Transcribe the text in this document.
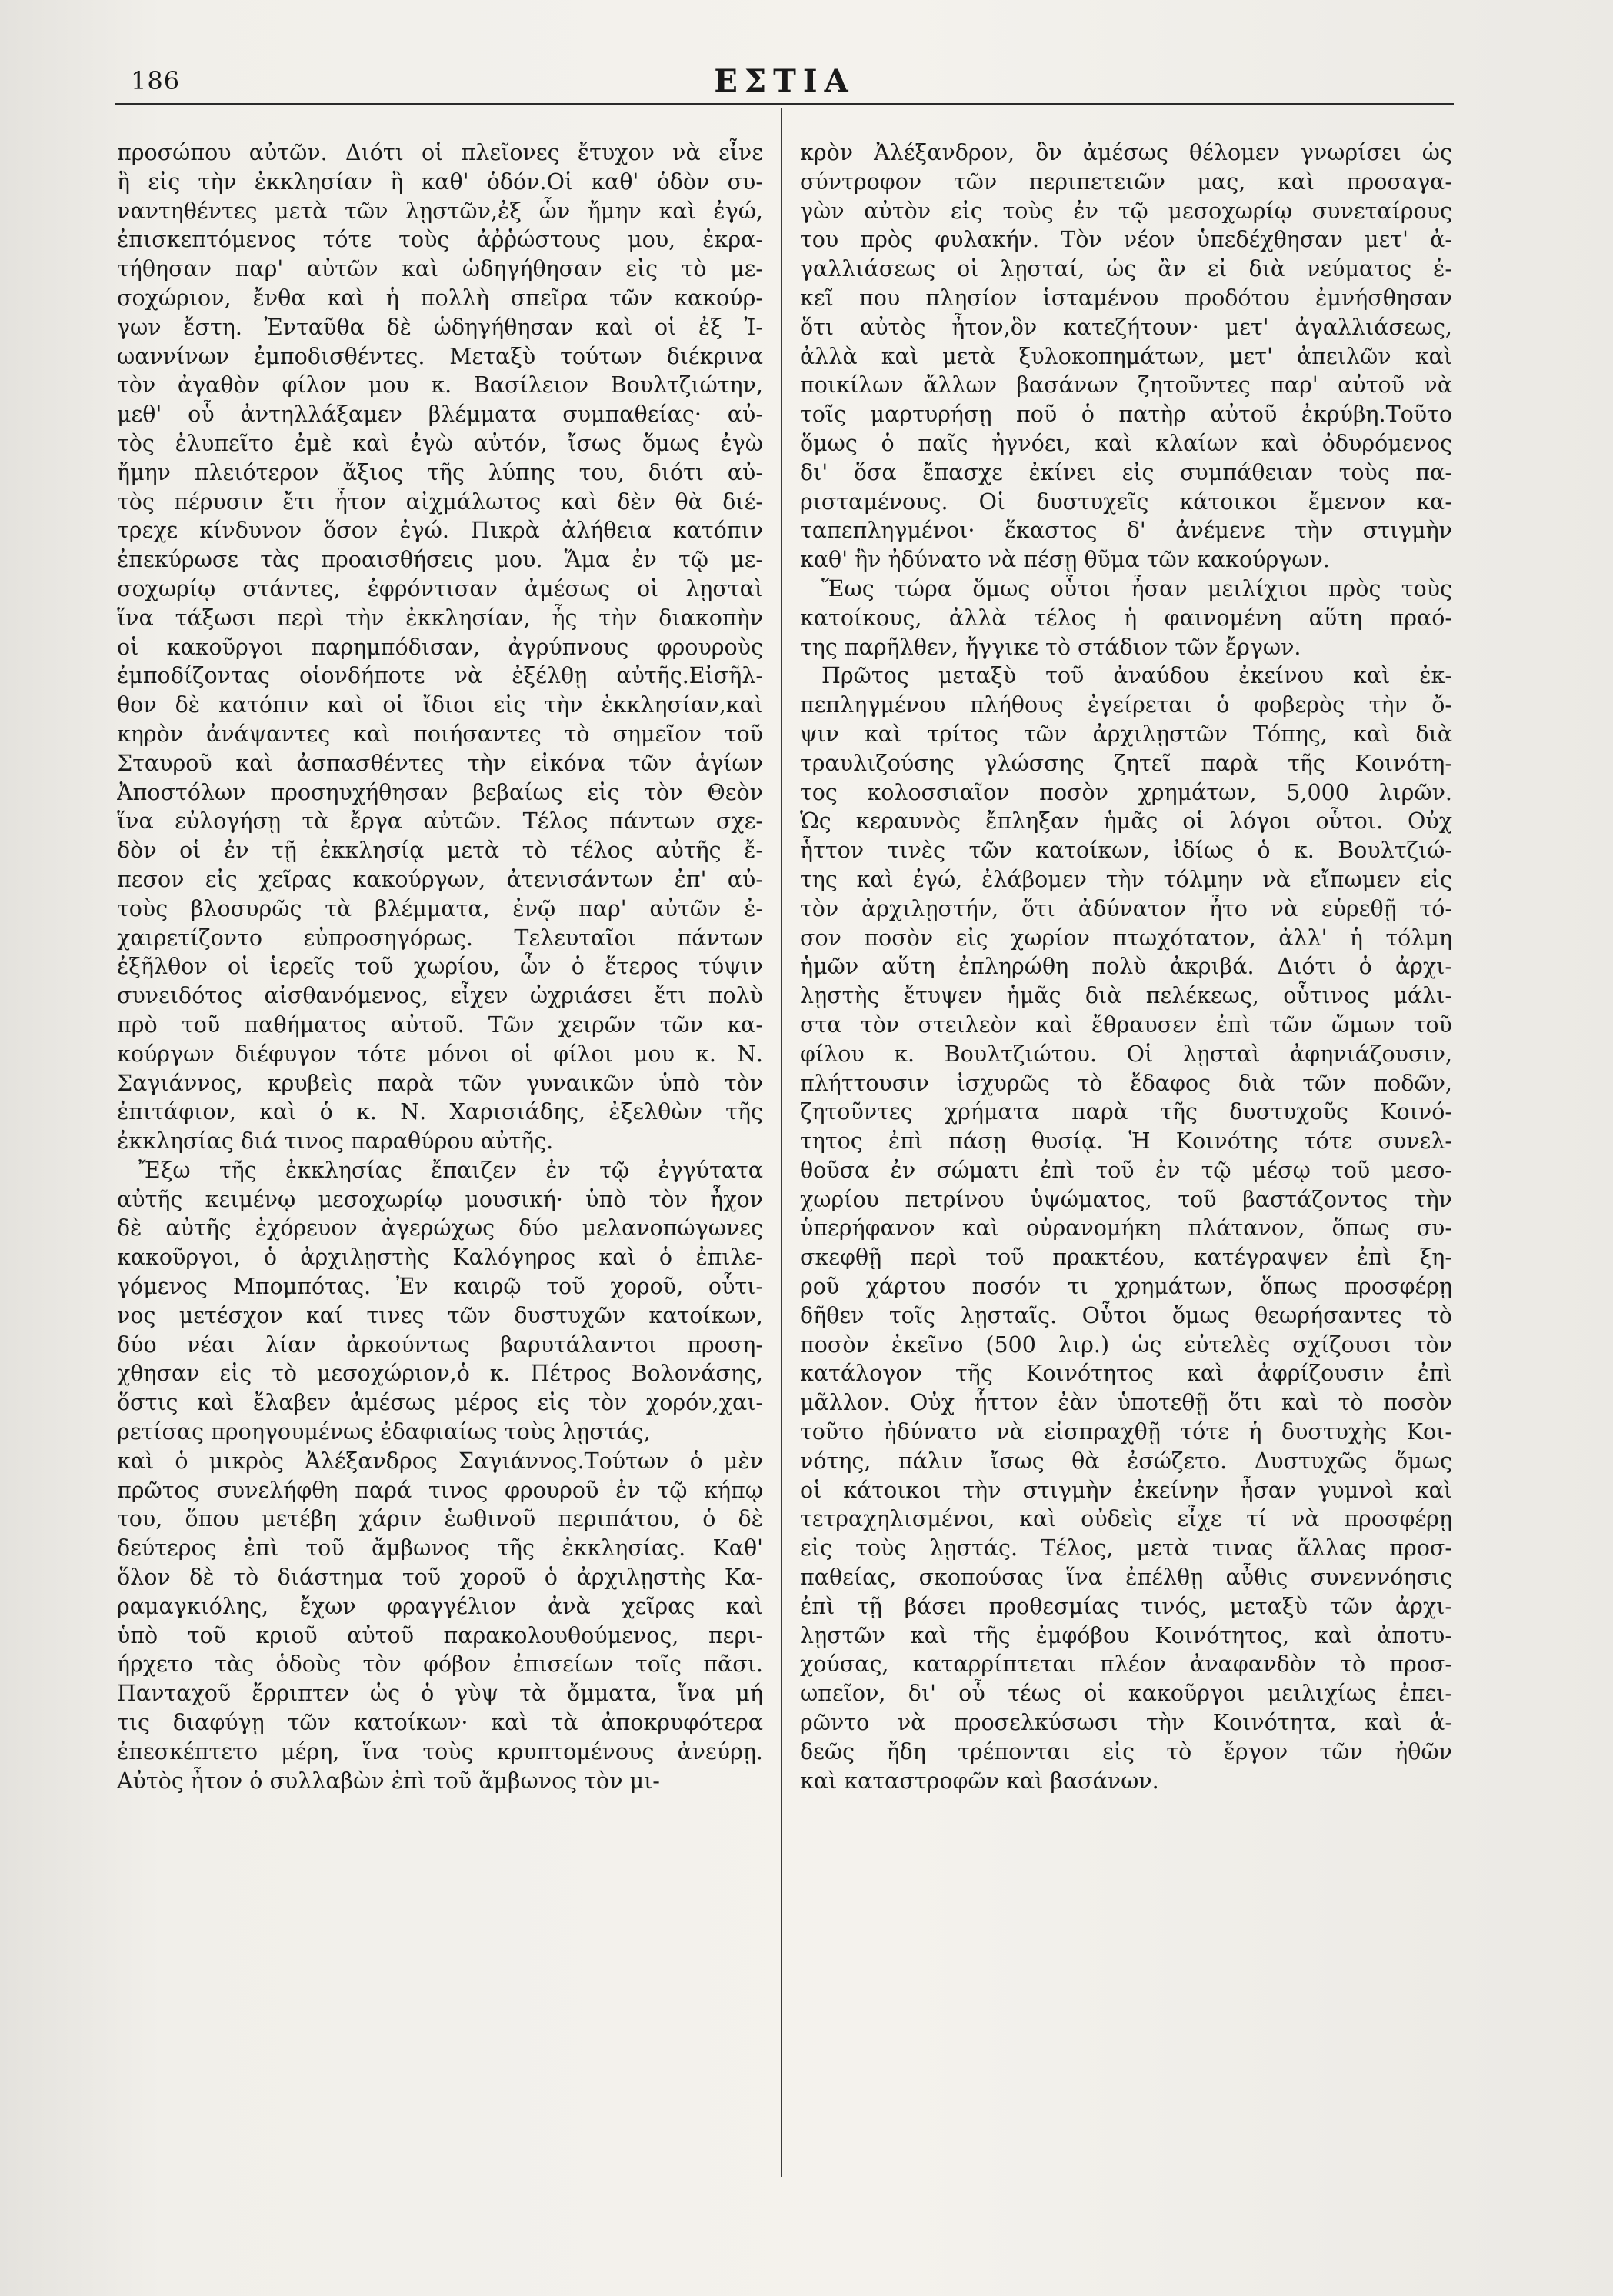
186	ΕΣΤΙΑ
προσώπου αὐτῶν. Διότι οἱ πλεῖονες ἔτυχον νὰ εἶνε
ἢ εἰς τὴν ἐκκλησίαν ἢ καθ' ὁδόν.Οἱ καθ' ὁδὸν συ-
ναντηθέντες μετὰ τῶν λῃστῶν,ἐξ ὧν ἤμην καὶ ἐγώ,
ἐπισκεπτόμενος τότε τοὺς ἀῤῥώστους μου, ἐκρα-
τήθησαν παρ' αὐτῶν καὶ ὡδηγήθησαν εἰς τὸ με-
σοχώριον, ἔνθα καὶ ἡ πολλὴ σπεῖρα τῶν κακούρ-
γων ἔστη. Ἐνταῦθα δὲ ὡδηγήθησαν καὶ οἱ ἐξ Ἰ-
ωαννίνων ἐμποδισθέντες. Μεταξὺ τούτων διέκρινα
τὸν ἀγαθὸν φίλον μου κ. Βασίλειον Βουλτζιώτην,
μεθ' οὗ ἀντηλλάξαμεν βλέμματα συμπαθείας· αὐ-
τὸς ἐλυπεῖτο ἐμὲ καὶ ἐγὼ αὐτόν, ἴσως ὅμως ἐγὼ
ἤμην πλειότερον ἄξιος τῆς λύπης του, διότι αὐ-
τὸς πέρυσιν ἔτι ἦτον αἰχμάλωτος καὶ δὲν θὰ διέ-
τρεχε κίνδυνον ὅσον ἐγώ. Πικρὰ ἀλήθεια κατόπιν
ἐπεκύρωσε τὰς προαισθήσεις μου. Ἅμα ἐν τῷ με-
σοχωρίῳ στάντες, ἐφρόντισαν ἀμέσως οἱ λῃσταὶ
ἵνα τάξωσι περὶ τὴν ἐκκλησίαν, ἧς τὴν διακοπὴν
οἱ κακοῦργοι παρημπόδισαν, ἀγρύπνους φρουροὺς
ἐμποδίζοντας οἱονδήποτε νὰ ἐξέλθῃ αὐτῆς.Εἰσῆλ-
θον δὲ κατόπιν καὶ οἱ ἴδιοι εἰς τὴν ἐκκλησίαν,καὶ
κηρὸν ἀνάψαντες καὶ ποιήσαντες τὸ σημεῖον τοῦ
Σταυροῦ καὶ ἀσπασθέντες τὴν εἰκόνα τῶν ἁγίων
Ἀποστόλων προσηυχήθησαν βεβαίως εἰς τὸν Θεὸν
ἵνα εὐλογήσῃ τὰ ἔργα αὐτῶν. Τέλος πάντων σχε-
δὸν οἱ ἐν τῇ ἐκκλησίᾳ μετὰ τὸ τέλος αὐτῆς ἔ-
πεσον εἰς χεῖρας κακούργων, ἀτενισάντων ἐπ' αὐ-
τοὺς βλοσυρῶς τὰ βλέμματα, ἐνῷ παρ' αὐτῶν ἐ-
χαιρετίζοντο εὐπροσηγόρως. Τελευταῖοι πάντων
ἐξῆλθον οἱ ἱερεῖς τοῦ χωρίου, ὧν ὁ ἕτερος τύψιν
συνειδότος αἰσθανόμενος, εἶχεν ὠχριάσει ἔτι πολὺ
πρὸ τοῦ παθήματος αὐτοῦ. Τῶν χειρῶν τῶν κα-
κούργων διέφυγον τότε μόνοι οἱ φίλοι μου κ. Ν.
Σαγιάννος, κρυβεὶς παρὰ τῶν γυναικῶν ὑπὸ τὸν
ἐπιτάφιον, καὶ ὁ κ. Ν. Χαρισιάδης, ἐξελθὼν τῆς
ἐκκλησίας διά τινος παραθύρου αὐτῆς.
Ἔξω τῆς ἐκκλησίας ἔπαιζεν ἐν τῷ ἐγγύτατα
αὐτῆς κειμένῳ μεσοχωρίῳ μουσική· ὑπὸ τὸν ἦχον
δὲ αὐτῆς ἐχόρευον ἀγερώχως δύο μελανοπώγωνες
κακοῦργοι, ὁ ἀρχιλῃστὴς Καλόγηρος καὶ ὁ ἐπιλε-
γόμενος Μπομπότας. Ἐν καιρῷ τοῦ χοροῦ, οὗτι-
νος μετέσχον καί τινες τῶν δυστυχῶν κατοίκων,
δύο νέαι λίαν ἀρκούντως βαρυτάλαντοι προση-
χθησαν εἰς τὸ μεσοχώριον,ὁ κ. Πέτρος Βολονάσης,
ὅστις καὶ ἔλαβεν ἀμέσως μέρος εἰς τὸν χορόν,χαι-
ρετίσας προηγουμένως ἐδαφιαίως τοὺς λῃστάς,
καὶ ὁ μικρὸς Ἀλέξανδρος Σαγιάννος.Τούτων ὁ μὲν
πρῶτος συνελήφθη παρά τινος φρουροῦ ἐν τῷ κήπῳ
του, ὅπου μετέβη χάριν ἑωθινοῦ περιπάτου, ὁ δὲ
δεύτερος ἐπὶ τοῦ ἄμβωνος τῆς ἐκκλησίας. Καθ'
ὅλον δὲ τὸ διάστημα τοῦ χοροῦ ὁ ἀρχιλῃστὴς Κα-
ραμαγκιόλης, ἔχων φραγγέλιον ἀνὰ χεῖρας καὶ
ὑπὸ τοῦ κριοῦ αὐτοῦ παρακολουθούμενος, περι-
ήρχετο τὰς ὁδοὺς τὸν φόβον ἐπισείων τοῖς πᾶσι.
Πανταχοῦ ἔρριπτεν ὡς ὁ γὺψ τὰ ὄμματα, ἵνα μή
τις διαφύγῃ τῶν κατοίκων· καὶ τὰ ἀποκρυφότερα
ἐπεσκέπτετο μέρη, ἵνα τοὺς κρυπτομένους ἀνεύρῃ.
Αὐτὸς ἦτον ὁ συλλαβὼν ἐπὶ τοῦ ἄμβωνος τὸν μι-
κρὸν Ἀλέξανδρον, ὃν ἀμέσως θέλομεν γνωρίσει ὡς
σύντροφον τῶν περιπετειῶν μας, καὶ προσαγα-
γὼν αὐτὸν εἰς τοὺς ἐν τῷ μεσοχωρίῳ συνεταίρους
του πρὸς φυλακήν. Τὸν νέον ὑπεδέχθησαν μετ' ἀ-
γαλλιάσεως οἱ λῃσταί, ὡς ἂν εἰ διὰ νεύματος ἐ-
κεῖ που πλησίον ἱσταμένου προδότου ἐμνήσθησαν
ὅτι αὐτὸς ἦτον,ὃν κατεζήτουν· μετ' ἀγαλλιάσεως,
ἀλλὰ καὶ μετὰ ξυλοκοπημάτων, μετ' ἀπειλῶν καὶ
ποικίλων ἄλλων βασάνων ζητοῦντες παρ' αὐτοῦ νὰ
τοῖς μαρτυρήσῃ ποῦ ὁ πατὴρ αὐτοῦ ἐκρύβη.Τοῦτο
ὅμως ὁ παῖς ἠγνόει, καὶ κλαίων καὶ ὀδυρόμενος
δι' ὅσα ἔπασχε ἐκίνει εἰς συμπάθειαν τοὺς πα-
ρισταμένους. Οἱ δυστυχεῖς κάτοικοι ἔμενον κα-
ταπεπληγμένοι· ἕκαστος δ' ἀνέμενε τὴν στιγμὴν
καθ' ἣν ἠδύνατο νὰ πέσῃ θῦμα τῶν κακούργων.
Ἕως τώρα ὅμως οὗτοι ἦσαν μειλίχιοι πρὸς τοὺς
κατοίκους, ἀλλὰ τέλος ἡ φαινομένη αὕτη πραό-
της παρῆλθεν, ἤγγικε τὸ στάδιον τῶν ἔργων.
Πρῶτος μεταξὺ τοῦ ἀναύδου ἐκείνου καὶ ἐκ-
πεπληγμένου πλήθους ἐγείρεται ὁ φοβερὸς τὴν ὄ-
ψιν καὶ τρίτος τῶν ἀρχιλῃστῶν Τόπης, καὶ διὰ
τραυλιζούσης γλώσσης ζητεῖ παρὰ τῆς Κοινότη-
τος κολοσσιαῖον ποσὸν χρημάτων, 5,000 λιρῶν.
Ὡς κεραυνὸς ἔπληξαν ἡμᾶς οἱ λόγοι οὗτοι. Οὐχ
ἧττον τινὲς τῶν κατοίκων, ἰδίως ὁ κ. Βουλτζιώ-
της καὶ ἐγώ, ἐλάβομεν τὴν τόλμην νὰ εἴπωμεν εἰς
τὸν ἀρχιλῃστήν, ὅτι ἀδύνατον ἦτο νὰ εὑρεθῇ τό-
σον ποσὸν εἰς χωρίον πτωχότατον, ἀλλ' ἡ τόλμη
ἡμῶν αὕτη ἐπληρώθη πολὺ ἀκριβά. Διότι ὁ ἀρχι-
λῃστὴς ἔτυψεν ἡμᾶς διὰ πελέκεως, οὗτινος μάλι-
στα τὸν στειλεὸν καὶ ἔθραυσεν ἐπὶ τῶν ὤμων τοῦ
φίλου κ. Βουλτζιώτου. Οἱ λῃσταὶ ἀφηνιάζουσιν,
πλήττουσιν ἰσχυρῶς τὸ ἔδαφος διὰ τῶν ποδῶν,
ζητοῦντες χρήματα παρὰ τῆς δυστυχοῦς Κοινό-
τητος ἐπὶ πάσῃ θυσίᾳ. Ἡ Κοινότης τότε συνελ-
θοῦσα ἐν σώματι ἐπὶ τοῦ ἐν τῷ μέσῳ τοῦ μεσο-
χωρίου πετρίνου ὑψώματος, τοῦ βαστάζοντος τὴν
ὑπερήφανον καὶ οὐρανομήκη πλάτανον, ὅπως συ-
σκεφθῇ περὶ τοῦ πρακτέου, κατέγραψεν ἐπὶ ξη-
ροῦ χάρτου ποσόν τι χρημάτων, ὅπως προσφέρῃ
δῆθεν τοῖς λῃσταῖς. Οὗτοι ὅμως θεωρήσαντες τὸ
ποσὸν ἐκεῖνο (500 λιρ.) ὡς εὐτελὲς σχίζουσι τὸν
κατάλογον τῆς Κοινότητος καὶ ἀφρίζουσιν ἐπὶ
μᾶλλον. Οὐχ ἧττον ἐὰν ὑποτεθῇ ὅτι καὶ τὸ ποσὸν
τοῦτο ἠδύνατο νὰ εἰσπραχθῇ τότε ἡ δυστυχὴς Κοι-
νότης, πάλιν ἴσως θὰ ἐσώζετο. Δυστυχῶς ὅμως
οἱ κάτοικοι τὴν στιγμὴν ἐκείνην ἦσαν γυμνοὶ καὶ
τετραχηλισμένοι, καὶ οὐδεὶς εἶχε τί νὰ προσφέρῃ
εἰς τοὺς λῃστάς. Τέλος, μετὰ τινας ἄλλας προσ-
παθείας, σκοπούσας ἵνα ἐπέλθῃ αὖθις συνεννόησις
ἐπὶ τῇ βάσει προθεσμίας τινός, μεταξὺ τῶν ἀρχι-
λῃστῶν καὶ τῆς ἐμφόβου Κοινότητος, καὶ ἀποτυ-
χούσας, καταρρίπτεται πλέον ἀναφανδὸν τὸ προσ-
ωπεῖον, δι' οὗ τέως οἱ κακοῦργοι μειλιχίως ἐπει-
ρῶντο νὰ προσελκύσωσι τὴν Κοινότητα, καὶ ἀ-
δεῶς ἤδη τρέπονται εἰς τὸ ἔργον τῶν ἠθῶν
καὶ καταστροφῶν καὶ βασάνων.
